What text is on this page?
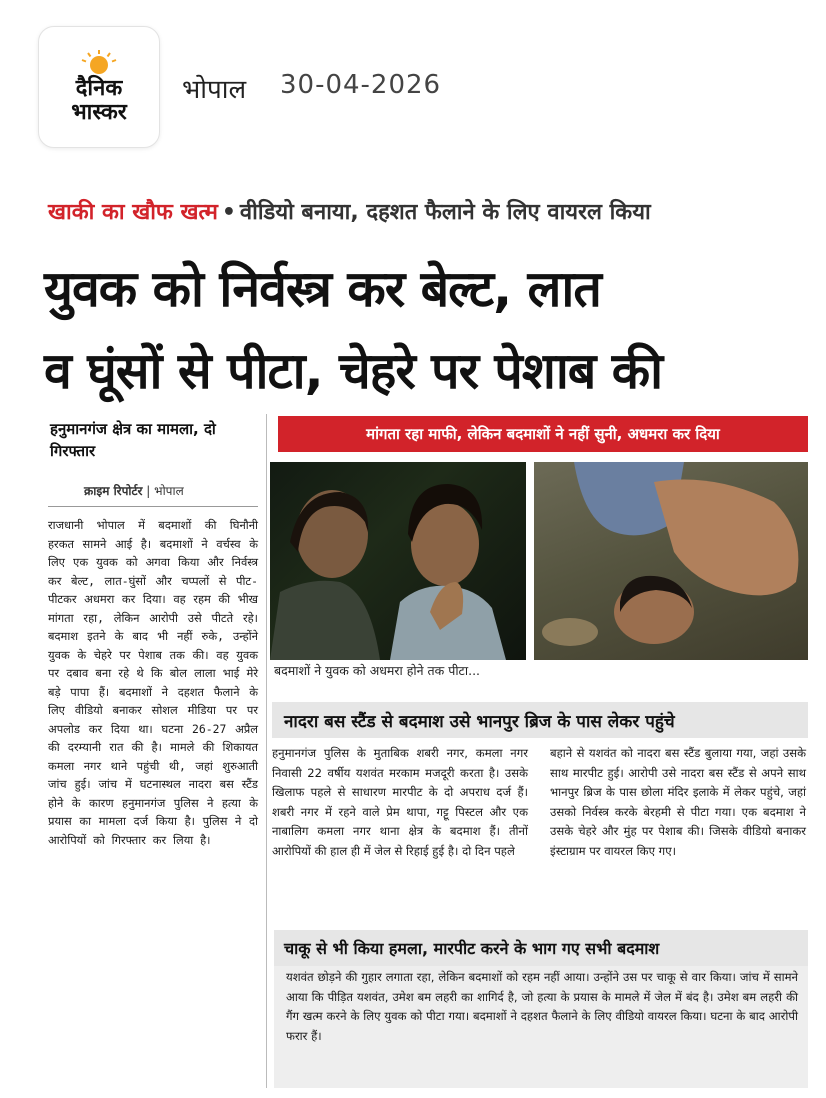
दैनिक
भास्कर
भोपाल 30-04-2026
खाकी का खौफ खत्म • वीडियो बनाया, दहशत फैलाने के लिए वायरल किया
युवक को निर्वस्त्र कर बेल्ट, लात
व घूंसों से पीटा, चेहरे पर पेशाब की
हनुमानगंज क्षेत्र का मामला, दो गिरफ्तार
क्राइम रिपोर्टर | भोपाल
राजधानी भोपाल में बदमाशों की घिनौनी हरकत सामने आई है। बदमाशों ने वर्चस्व के लिए एक युवक को अगवा किया और निर्वस्त्र कर बेल्ट, लात-घुंसों और चप्पलों से पीट-पीटकर अधमरा कर दिया। वह रहम की भीख मांगता रहा, लेकिन आरोपी उसे पीटते रहे। बदमाश इतने के बाद भी नहीं रुके, उन्होंने युवक के चेहरे पर पेशाब तक की। वह युवक पर दबाव बना रहे थे कि बोल लाला भाई मेरे बड़े पापा हैं। बदमाशों ने दहशत फैलाने के लिए वीडियो बनाकर सोशल मीडिया पर पर अपलोड कर दिया था। घटना 26-27 अप्रैल की दरम्यानी रात की है। मामले की शिकायत कमला नगर थाने पहुंची थी, जहां शुरुआती जांच हुई। जांच में घटनास्थल नादरा बस स्टैंड होने के कारण हनुमानगंज पुलिस ने हत्या के प्रयास का मामला दर्ज किया है। पुलिस ने दो आरोपियों को गिरफ्तार कर लिया है।
मांगता रहा माफी, लेकिन बदमाशों ने नहीं सुनी, अधमरा कर दिया
बदमाशों ने युवक को अधमरा होने तक पीटा...
नादरा बस स्टैंड से बदमाश उसे भानपुर ब्रिज के पास लेकर पहुंचे
हनुमानगंज पुलिस के मुताबिक शबरी नगर, कमला नगर निवासी 22 वर्षीय यशवंत मरकाम मजदूरी करता है। उसके खिलाफ पहले से साधारण मारपीट के दो अपराध दर्ज हैं। शबरी नगर में रहने वाले प्रेम थापा, गट्टू पिस्टल और एक नाबालिग कमला नगर थाना क्षेत्र के बदमाश हैं। तीनों आरोपियों की हाल ही में जेल से रिहाई हुई है। दो दिन पहले
बहाने से यशवंत को नादरा बस स्टैंड बुलाया गया, जहां उसके साथ मारपीट हुई। आरोपी उसे नादरा बस स्टैंड से अपने साथ भानपुर ब्रिज के पास छोला मंदिर इलाके में लेकर पहुंचे, जहां उसको निर्वस्त्र करके बेरहमी से पीटा गया। एक बदमाश ने उसके चेहरे और मुंह पर पेशाब की। जिसके वीडियो बनाकर इंस्टाग्राम पर वायरल किए गए।
चाकू से भी किया हमला, मारपीट करने के भाग गए सभी बदमाश
यशवंत छोड़ने की गुहार लगाता रहा, लेकिन बदमाशों को रहम नहीं आया। उन्होंने उस पर चाकू से वार किया। जांच में सामने आया कि पीड़ित यशवंत, उमेश बम लहरी का शागिर्द है, जो हत्या के प्रयास के मामले में जेल में बंद है। उमेश बम लहरी की गैंग खत्म करने के लिए युवक को पीटा गया। बदमाशों ने दहशत फैलाने के लिए वीडियो वायरल किया। घटना के बाद आरोपी फरार हैं।
